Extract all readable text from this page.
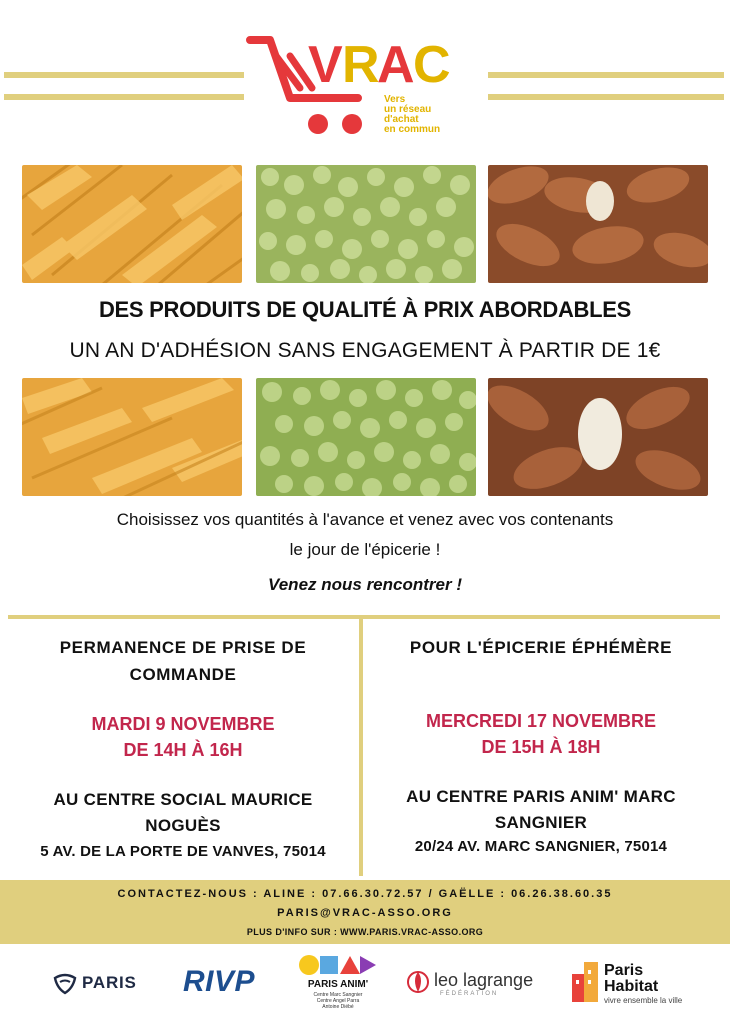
V R
A
C
Vers
un réseau
d'achat
en commun
DES PRODUITS DE QUALITÉ À PRIX ABORDABLES
UN AN D'ADHÉSION SANS ENGAGEMENT À PARTIR DE 1€
Choisissez vos quantités à l'avance et venez avec vos contenants
le jour de l'épicerie !
Venez nous rencontrer !
PERMANENCE DE PRISE DE
COMMANDE
MARDI 9 NOVEMBRE
DE 14H À 16H
AU CENTRE SOCIAL MAURICE
NOGUÈS
5 AV. DE LA PORTE DE VANVES, 75014
POUR L'ÉPICERIE ÉPHÉMÈRE
MERCREDI 17 NOVEMBRE
DE 15H À 18H
AU CENTRE PARIS ANIM' MARC
SANGNIER
20/24 AV. MARC SANGNIER, 75014
CONTACTEZ-NOUS : ALINE : 07.66.30.72.57 / GAËLLE : 06.26.38.60.35
PARIS@VRAC-ASSO.ORG
PLUS D'INFO SUR : WWW.PARIS.VRAC-ASSO.ORG
PARIS RIVP	PARIS ANIM'
Centre Marc Sangnier
Centre Angel Parra
Antoine Diébé
leo lagrange
FÉDÉRATION
Paris
Habitat
vivre ensemble la ville
